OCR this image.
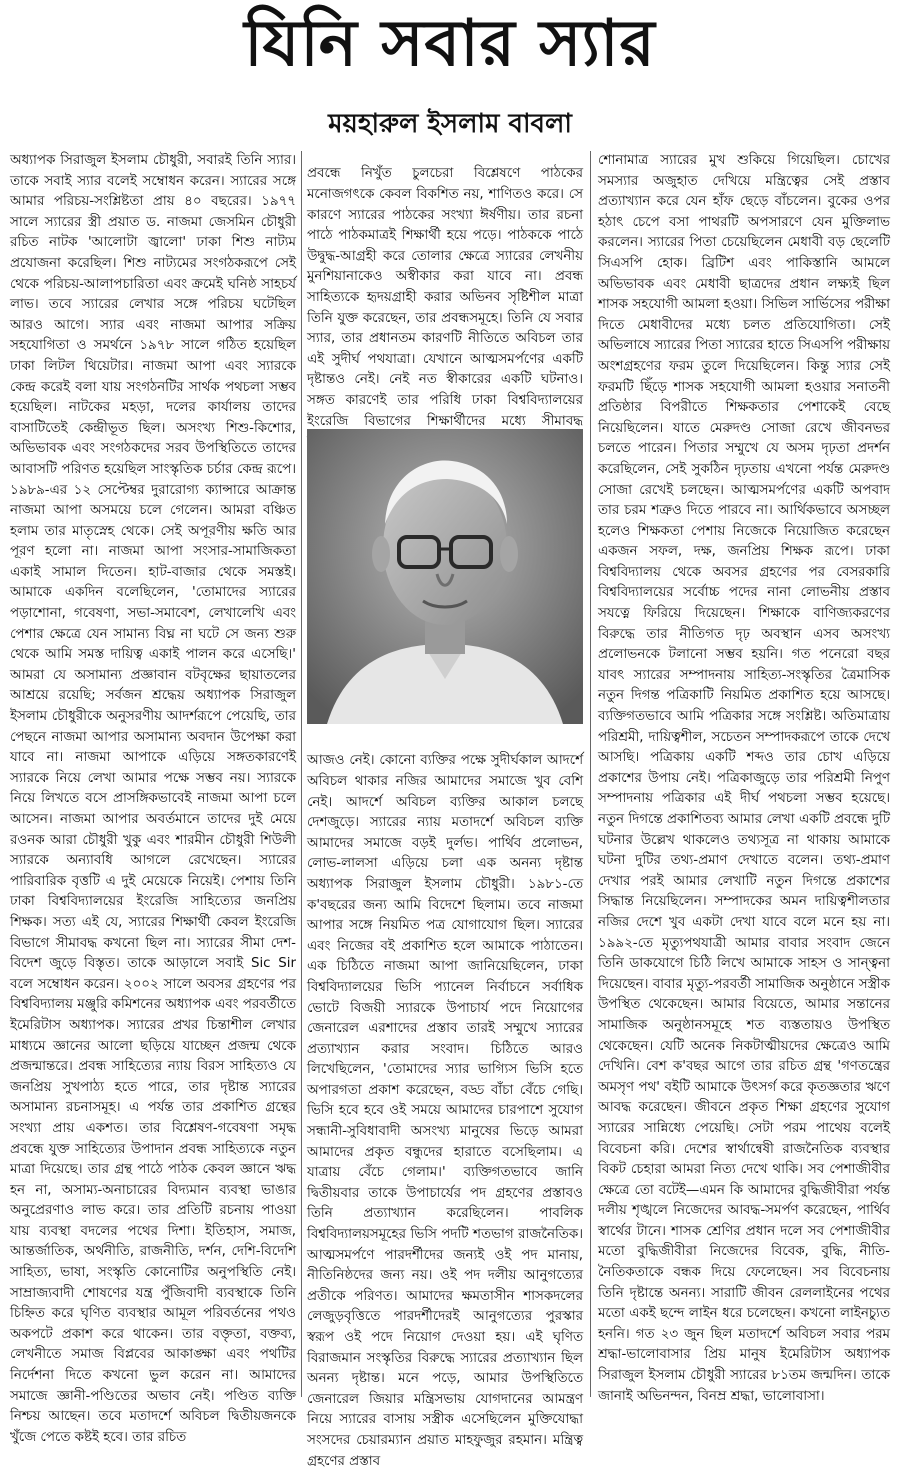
যিনি সবার স্যার
ময়হারুল ইসলাম বাবলা

অধ্যাপক সিরাজুল ইসলাম চৌধুরী, সবারই তিনি স্যার। তাকে সবাই স্যার বলেই সম্বোধন করেন। স্যারের সঙ্গে আমার পরিচয়-সংশ্লিষ্টতা প্রায় ৪০ বছরের। ১৯৭৭ সালে স্যারের স্ত্রী প্রয়াত ড. নাজমা জেসমিন চৌধুরী রচিত নাটক 'আলোটা জ্বালো' ঢাকা শিশু নাট্যম প্রযোজনা করেছিল। শিশু নাট্যমের সংগঠকরূপে সেই থেকে পরিচয়-আলাপচারিতা এবং ক্রমেই ঘনিষ্ঠ সাহচর্য লাভ। তবে স্যারের লেখার সঙ্গে পরিচয় ঘটেছিল আরও আগে। স্যার এবং নাজমা আপার সক্রিয় সহযোগিতা ও সমর্থনে ১৯৭৮ সালে গঠিত হয়েছিল ঢাকা লিটল থিয়েটার। নাজমা আপা এবং স্যারকে কেন্দ্র করেই বলা যায় সংগঠনটির সার্থক পথচলা সম্ভব হয়েছিল। নাটকের মহড়া, দলের কার্যালয় তাদের বাসাটিতেই কেন্দ্রীভূত ছিল। অসংখ্য শিশু-কিশোর, অভিভাবক এবং সংগঠকদের সরব উপস্থিতিতে তাদের আবাসটি পরিণত হয়েছিল সাংস্কৃতিক চর্চার কেন্দ্র রূপে। ১৯৮৯-এর ১২ সেপ্টেম্বর দুরারোগ্য ক্যান্সারে আক্রান্ত নাজমা আপা অসময়ে চলে গেলেন। আমরা বঞ্চিত হলাম তার মাতৃস্নেহ থেকে। সেই অপূরণীয় ক্ষতি আর পূরণ হলো না। নাজমা আপা সংসার-সামাজিকতা একাই সামাল দিতেন। হাট-বাজার থেকে সমস্তই। আমাকে একদিন বলেছিলেন, 'তোমাদের স্যারের পড়াশোনা, গবেষণা, সভা-সমাবেশ, লেখালেখি এবং পেশার ক্ষেত্রে যেন সামান্য বিঘ্ন না ঘটে সে জন্য শুরু থেকে আমি সমস্ত দায়িত্ব একাই পালন করে এসেছি।' আমরা যে অসামান্য প্রজ্ঞাবান বটবৃক্ষের ছায়াতলের আশ্রয়ে রয়েছি; সর্বজন শ্রদ্ধেয় অধ্যাপক সিরাজুল ইসলাম চৌধুরীকে অনুসরণীয় আদর্শরূপে পেয়েছি, তার পেছনে নাজমা আপার অসামান্য অবদান উপেক্ষা করা যাবে না। নাজমা আপাকে এড়িয়ে সঙ্গতকারণেই স্যারকে নিয়ে লেখা আমার পক্ষে সম্ভব নয়। স্যারকে নিয়ে লিখতে বসে প্রাসঙ্গিকভাবেই নাজমা আপা চলে আসেন। নাজমা আপার অবর্তমানে তাদের দুই মেয়ে রওনক আরা চৌধুরী খুকু এবং শারমীন চৌধুরী শিউলী স্যারকে অন্যাবধি আগলে রেখেছেন। স্যারের পারিবারিক বৃত্তটি এ দুই মেয়েকে নিয়েই। পেশায় তিনি ঢাকা বিশ্ববিদ্যালয়ের ইংরেজি সাহিত্যের জনপ্রিয় শিক্ষক। সত্য এই যে, স্যারের শিক্ষার্থী কেবল ইংরেজি বিভাগে সীমাবদ্ধ কখনো ছিল না। স্যারের সীমা দেশ-বিদেশ জুড়ে বিস্তৃত। তাকে আড়ালে সবাই Sic Sir বলে সম্বোধন করেন। ২০০২ সালে অবসর গ্রহণের পর বিশ্ববিদ্যালয় মঞ্জুরি কমিশনের অধ্যাপক এবং পরবর্তীতে ইমেরিটাস অধ্যাপক। স্যারের প্রখর চিন্তাশীল লেখার মাধ্যমে জ্ঞানের আলো ছড়িয়ে যাচ্ছেন প্রজন্ম থেকে প্রজন্মান্তরে। প্রবন্ধ সাহিত্যের ন্যায় বিরস সাহিত্যও যে জনপ্রিয় সুখপাঠ্য হতে পারে, তার দৃষ্টান্ত স্যারের অসামান্য রচনাসমূহ। এ পর্যন্ত তার প্রকাশিত গ্রন্থের সংখ্যা প্রায় একশত। তার বিশ্লেষণ-গবেষণা সমৃদ্ধ প্রবন্ধে যুক্ত সাহিত্যের উপাদান প্রবন্ধ সাহিত্যকে নতুন মাত্রা দিয়েছে। তার গ্রন্থ পাঠে পাঠক কেবল জ্ঞানে ঋদ্ধ হন না, অসাম্য-অনাচারের বিদ্যমান ব্যবস্থা ভাঙার অনুপ্রেরণাও লাভ করে। তার প্রতিটি রচনায় পাওয়া যায় ব্যবস্থা বদলের পথের দিশা। ইতিহাস, সমাজ, আন্তর্জাতিক, অর্থনীতি, রাজনীতি, দর্শন, দেশি-বিদেশি সাহিত্য, ভাষা, সংস্কৃতি কোনোটির অনুপস্থিতি নেই। সাম্রাজ্যবাদী শোষণের যন্ত্র পুঁজিবাদী ব্যবস্থাকে তিনি চিহ্নিত করে ঘৃণিত ব্যবস্থার আমূল পরিবর্তনের পথও অকপটে প্রকাশ করে থাকেন। তার বক্তৃতা, বক্তব্য, লেখনীতে সমাজ বিপ্লবের আকাঙ্ক্ষা এবং পথটির নির্দেশনা দিতে কখনো ভুল করেন না। আমাদের সমাজে জ্ঞানী-পণ্ডিতের অভাব নেই। পণ্ডিত ব্যক্তি নিশ্চয় আছেন। তবে মতাদর্শে অবিচল দ্বিতীয়জনকে খুঁজে পেতে কষ্টই হবে। তার রচিত

প্রবন্ধে নিখুঁত চুলচেরা বিশ্লেষণে পাঠকের মনোজগৎকে কেবল বিকশিত নয়, শাণিতও করে। সে কারণে স্যারের পাঠকের সংখ্যা ঈর্ষণীয়। তার রচনা পাঠে পাঠকমাত্রই শিক্ষার্থী হয়ে পড়ে। পাঠককে পাঠে উদ্বুদ্ধ-আগ্রহী করে তোলার ক্ষেত্রে স্যারের লেখনীয় মুনশিয়ানাকেও অস্বীকার করা যাবে না। প্রবন্ধ সাহিত্যকে হৃদয়গ্রাহী করার অভিনব সৃষ্টিশীল মাত্রা তিনি যুক্ত করেছেন, তার প্রবন্ধসমূহে। তিনি যে সবার স্যার, তার প্রধানতম কারণটি নীতিতে অবিচল তার এই সুদীর্ঘ পথযাত্রা। যেখানে আত্মসমর্পণের একটি দৃষ্টান্তও নেই। নেই নত স্বীকারের একটি ঘটনাও। সঙ্গত কারণেই তার পরিধি ঢাকা বিশ্ববিদ্যালয়ের ইংরেজি বিভাগের শিক্ষার্থীদের মধ্যে সীমাবদ্ধ

আজও নেই। কোনো ব্যক্তির পক্ষে সুদীর্ঘকাল আদর্শে অবিচল থাকার নজির আমাদের সমাজে খুব বেশি নেই। আদর্শে অবিচল ব্যক্তির আকাল চলছে দেশজুড়ে। স্যারের ন্যায় মতাদর্শে অবিচল ব্যক্তি আমাদের সমাজে বড়ই দুর্লভ। পার্থিব প্রলোভন, লোভ-লালসা এড়িয়ে চলা এক অনন্য দৃষ্টান্ত অধ্যাপক সিরাজুল ইসলাম চৌধুরী। ১৯৮১-তে ক'বছরের জন্য আমি বিদেশে ছিলাম। তবে নাজমা আপার সঙ্গে নিয়মিত পত্র যোগাযোগ ছিল। স্যারের এবং নিজের বই প্রকাশিত হলে আমাকে পাঠাতেন। এক চিঠিতে নাজমা আপা জানিয়েছিলেন, ঢাকা বিশ্ববিদ্যালয়ের ভিসি প্যানেল নির্বাচনে সর্বাধিক ভোটে বিজয়ী স্যারকে উপাচার্য পদে নিয়োগের জেনারেল এরশাদের প্রস্তাব তারই সম্মুখে স্যারের প্রত্যাখ্যান করার সংবাদ। চিঠিতে আরও লিখেছিলেন, 'তোমাদের স্যার ভাগ্যিস ভিসি হতে অপারগতা প্রকাশ করেছেন, বড্ড বাঁচা বেঁচে গেছি। ভিসি হবে হবে ওই সময়ে আমাদের চারপাশে সুযোগ সন্ধানী-সুবিধাবাদী অসংখ্য মানুষের ভিড়ে আমরা আমাদের প্রকৃত বন্ধুদের হারাতে বসেছিলাম। এ যাত্রায় বেঁচে গেলাম।' ব্যক্তিগতভাবে জানি দ্বিতীয়বার তাকে উপাচার্যের পদ গ্রহণের প্রস্তাবও তিনি প্রত্যাখ্যান করেছিলেন। পাবলিক বিশ্ববিদ্যালয়সমূহের ভিসি পদটি শতভাগ রাজনৈতিক। আত্মসমর্পণে পারদর্শীদের জন্যই ওই পদ মানায়, নীতিনিষ্ঠদের জন্য নয়। ওই পদ দলীয় আনুগত্যের প্রতীকে পরিণত। আমাদের ক্ষমতাসীন শাসকদলের লেজুড়বৃত্তিতে পারদর্শীদেরই আনুগত্যের পুরস্কার স্বরূপ ওই পদে নিয়োগ দেওয়া হয়। এই ঘৃণিত বিরাজমান সংস্কৃতির বিরুদ্ধে স্যারের প্রত্যাখ্যান ছিল অনন্য দৃষ্টান্ত। মনে পড়ে, আমার উপস্থিতিতে জেনারেল জিয়ার মন্ত্রিসভায় যোগদানের আমন্ত্রণ নিয়ে স্যারের বাসায় সস্ত্রীক এসেছিলেন মুক্তিযোদ্ধা সংসদের চেয়ারম্যান প্রয়াত মাহফুজুর রহমান। মন্ত্রিত্ব গ্রহণের প্রস্তাব

শোনামাত্র স্যারের মুখ শুকিয়ে গিয়েছিল। চোখের সমস্যার অজুহাত দেখিয়ে মন্ত্রিত্বের সেই প্রস্তাব প্রত্যাখ্যান করে যেন হাঁফ ছেড়ে বাঁচলেন। বুকের ওপর হঠাৎ চেপে বসা পাথরটি অপসারণে যেন মুক্তিলাভ করলেন। স্যারের পিতা চেয়েছিলেন মেধাবী বড় ছেলেটি সিএসপি হোক। ব্রিটিশ এবং পাকিস্তানি আমলে অভিভাবক এবং মেধাবী ছাত্রদের প্রধান লক্ষ্যই ছিল শাসক সহযোগী আমলা হওয়া। সিভিল সার্ভিসের পরীক্ষা দিতে মেধাবীদের মধ্যে চলত প্রতিযোগিতা। সেই অভিলাষে স্যারের পিতা স্যারের হাতে সিএসপি পরীক্ষায় অংশগ্রহণের ফরম তুলে দিয়েছিলেন। কিন্তু স্যার সেই ফরমটি ছিঁড়ে শাসক সহযোগী আমলা হওয়ার সনাতনী প্রতিষ্ঠার বিপরীতে শিক্ষকতার পেশাকেই বেছে নিয়েছিলেন। যাতে মেরুদণ্ড সোজা রেখে জীবনভর চলতে পারেন। পিতার সম্মুখে যে অসম দৃঢ়তা প্রদর্শন করেছিলেন, সেই সুকঠিন দৃঢ়তায় এখনো পর্যন্ত মেরুদণ্ড সোজা রেখেই চলছেন। আত্মসমর্পণের একটি অপবাদ তার চরম শত্রুও দিতে পারবে না। আর্থিকভাবে অসচ্ছল হলেও শিক্ষকতা পেশায় নিজেকে নিয়োজিত করেছেন একজন সফল, দক্ষ, জনপ্রিয় শিক্ষক রূপে। ঢাকা বিশ্ববিদ্যালয় থেকে অবসর গ্রহণের পর বেসরকারি বিশ্ববিদ্যালয়ের সর্বোচ্চ পদের নানা লোভনীয় প্রস্তাব সযত্নে ফিরিয়ে দিয়েছেন। শিক্ষাকে বাণিজ্যকরণের বিরুদ্ধে তার নীতিগত দৃঢ় অবস্থান এসব অসংখ্য প্রলোভনকে টলানো সম্ভব হয়নি। গত পনেরো বছর যাবৎ স্যারের সম্পাদনায় সাহিত্য-সংস্কৃতির ত্রৈমাসিক নতুন দিগন্ত পত্রিকাটি নিয়মিত প্রকাশিত হয়ে আসছে। ব্যক্তিগতভাবে আমি পত্রিকার সঙ্গে সংশ্লিষ্ট। অতিমাত্রায় পরিশ্রমী, দায়িত্বশীল, সচেতন সম্পাদকরূপে তাকে দেখে আসছি। পত্রিকায় একটি শব্দও তার চোখ এড়িয়ে প্রকাশের উপায় নেই। পত্রিকাজুড়ে তার পরিশ্রমী নিপুণ সম্পাদনায় পত্রিকার এই দীর্ঘ পথচলা সম্ভব হয়েছে। নতুন দিগন্তে প্রকাশিতব্য আমার লেখা একটি প্রবন্ধে দুটি ঘটনার উল্লেখ থাকলেও তথ্যসূত্র না থাকায় আমাকে ঘটনা দুটির তথ্য-প্রমাণ দেখাতে বলেন। তথ্য-প্রমাণ দেখার পরই আমার লেখাটি নতুন দিগন্তে প্রকাশের সিদ্ধান্ত নিয়েছিলেন। সম্পাদকের অমন দায়িত্বশীলতার নজির দেশে খুব একটা দেখা যাবে বলে মনে হয় না। ১৯৯২-তে মৃত্যুপথযাত্রী আমার বাবার সংবাদ জেনে তিনি ডাকযোগে চিঠি লিখে আমাকে সাহস ও সান্ত্বনা দিয়েছেন। বাবার মৃত্যু-পরবর্তী সামাজিক অনুষ্ঠানে সস্ত্রীক উপস্থিত থেকেছেন। আমার বিয়েতে, আমার সন্তানের সামাজিক অনুষ্ঠানসমূহে শত ব্যস্ততায়ও উপস্থিত থেকেছেন। যেটি অনেক নিকটাত্মীয়দের ক্ষেত্রেও আমি দেখিনি। বেশ ক'বছর আগে তার রচিত গ্রন্থ 'গণতন্ত্রের অমসৃণ পথ' বইটি আমাকে উৎসর্গ করে কৃতজ্ঞতার ঋণে আবদ্ধ করেছেন। জীবনে প্রকৃত শিক্ষা গ্রহণের সুযোগ স্যারের সান্নিধ্যে পেয়েছি। সেটা পরম পাথেয় বলেই বিবেচনা করি। দেশের স্বার্থান্বেষী রাজনৈতিক ব্যবস্থার বিকট চেহারা আমরা নিত্য দেখে থাকি। সব পেশাজীবীর ক্ষেত্রে তো বটেই—এমন কি আমাদের বুদ্ধিজীবীরা পর্যন্ত দলীয় শৃঙ্খলে নিজেদের আবদ্ধ-সমর্পণ করেছেন, পার্থিব স্বার্থের টানে। শাসক শ্রেণির প্রধান দলে সব পেশাজীবীর মতো বুদ্ধিজীবীরা নিজেদের বিবেক, বুদ্ধি, নীতি-নৈতিকতাকে বন্ধক দিয়ে ফেলেছেন। সব বিবেচনায় তিনি দৃষ্টান্তে অনন্য। সারাটি জীবন রেললাইনের পথের মতো একই ছন্দে লাইন ধরে চলেছেন। কখনো লাইনচ্যুত হননি। গত ২৩ জুন ছিল মতাদর্শে অবিচল সবার পরম শ্রদ্ধা-ভালোবাসার প্রিয় মানুষ ইমেরিটাস অধ্যাপক সিরাজুল ইসলাম চৌধুরী স্যারের ৮১তম জন্মদিন। তাকে জানাই অভিনন্দন, বিনম্র শ্রদ্ধা, ভালোবাসা।
